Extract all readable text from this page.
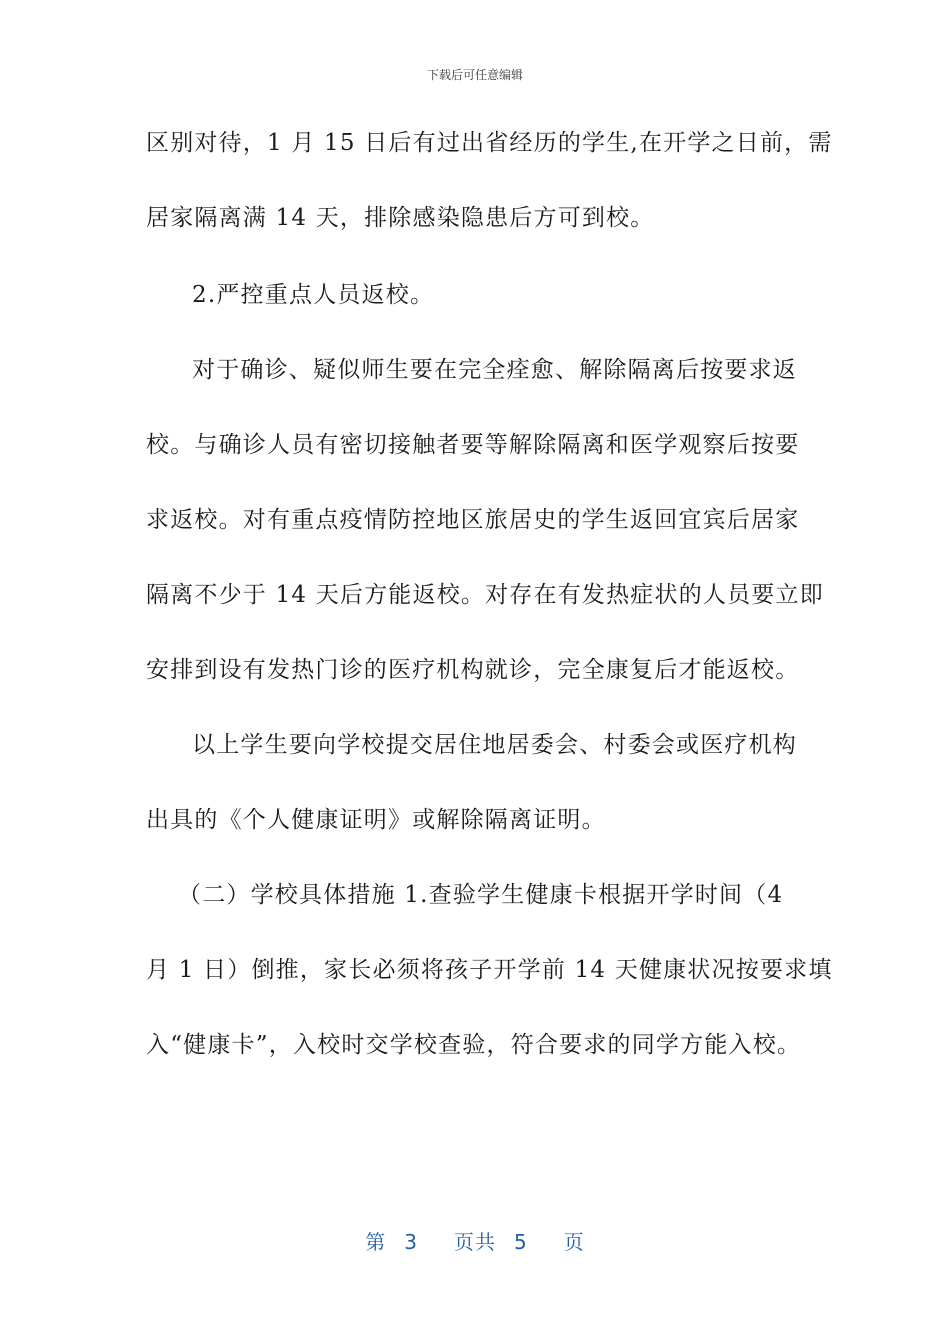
下载后可任意编辑
区别对待，1 月 15 日后有过出省经历的学生,在开学之日前，需
居家隔离满 14 天，排除感染隐患后方可到校。
2.严控重点人员返校。
对于确诊、疑似师生要在完全痊愈、解除隔离后按要求返
校。与确诊人员有密切接触者要等解除隔离和医学观察后按要
求返校。对有重点疫情防控地区旅居史的学生返回宜宾后居家
隔离不少于 14 天后方能返校。对存在有发热症状的人员要立即
安排到设有发热门诊的医疗机构就诊，完全康复后才能返校。
以上学生要向学校提交居住地居委会、村委会或医疗机构
出具的《个人健康证明》或解除隔离证明。
（二）学校具体措施 1.查验学生健康卡根据开学时间（4
月 1 日）倒推，家长必须将孩子开学前 14 天健康状况按要求填
入“健康卡”，入校时交学校查验，符合要求的同学方能入校。
第 3 页共 5 页
